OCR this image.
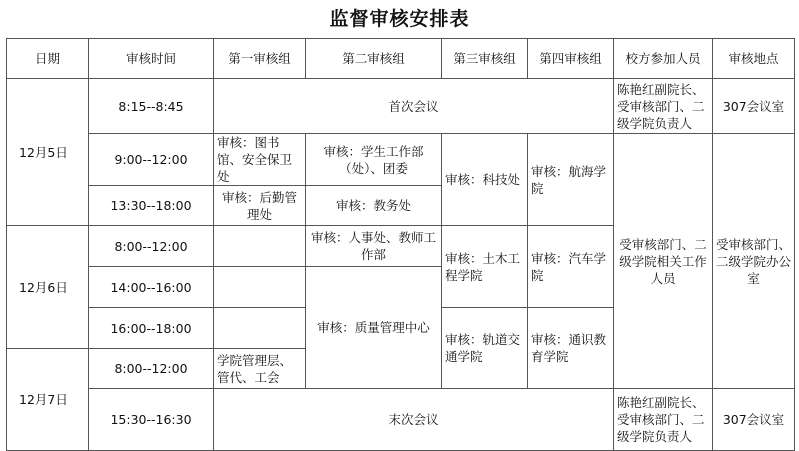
监督审核安排表
日期	审核时间	第一审核组	第二审核组	第三审核组	第四审核组	校方参加人员	审核地点
12月5日	8:15--8:45	首次会议				陈艳红副院长、受审核部门、二级学院负责人	307会议室
	9:00--12:00	审核：图书馆、安全保卫处	审核：学生工作部（处）、团委	审核：科技处	审核：航海学院	受审核部门、二级学院相关工作人员	受审核部门、二级学院办公室
	13:30--18:00	审核：后勤管理处	审核：教务处				
12月6日	8:00--12:00		审核：人事处、教师工作部	审核：土木工程学院	审核：汽车学院		
	14:00--16:00		审核：质量管理中心				
	16:00--18:00			审核：轨道交通学院	审核：通识教育学院		
12月7日	8:00--12:00	学院管理层、管代、工会					
	15:30--16:30	末次会议				陈艳红副院长、受审核部门、二级学院负责人	307会议室
